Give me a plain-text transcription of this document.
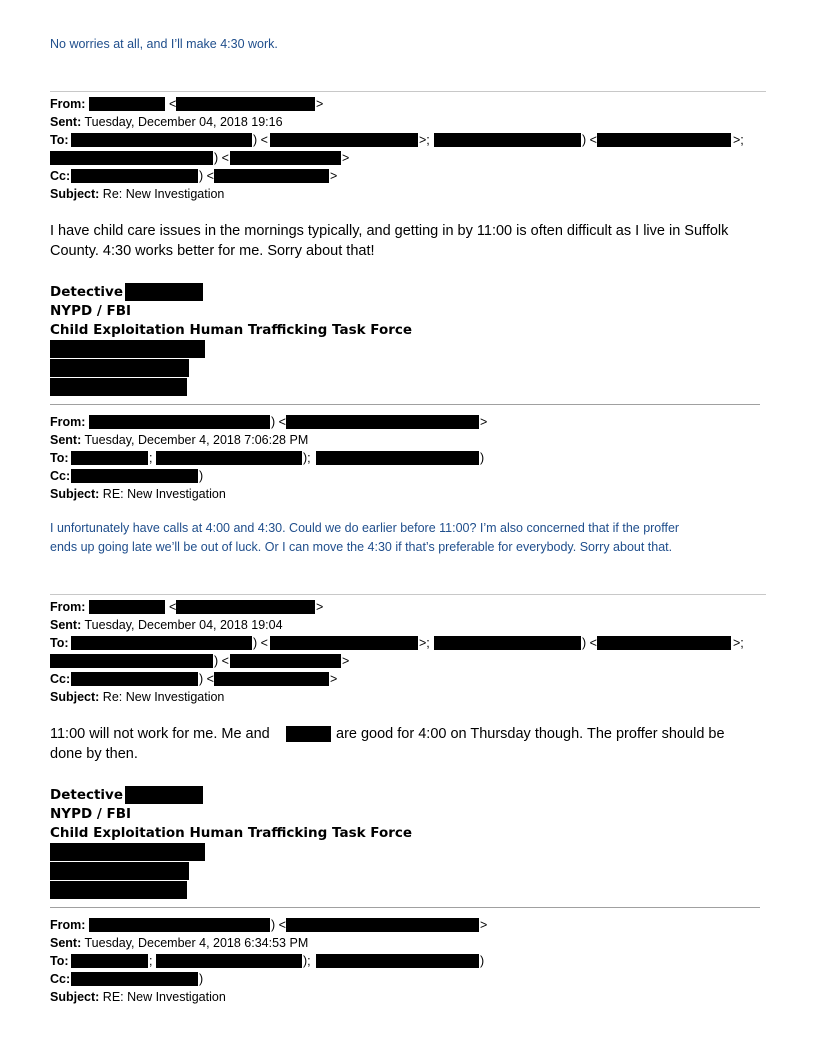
No worries at all, and I’ll make 4:30 work.
From:	<	>
Sent: Tuesday, December 04, 2018 19:16
To:	) <	>;	) <	>;
) <	>
Cc:	) <	>
Subject: Re: New Investigation
I have child care issues in the mornings typically, and getting in by 11:00 is often difficult as I live in Suffolk
County. 4:30 works better for me. Sorry about that!
Detective
NYPD / FBI
Child Exploitation Human Trafficking Task Force
From:	) <	>
Sent: Tuesday, December 4, 2018 7:06:28 PM
To:	;	);	)
Cc:	)
Subject: RE: New Investigation
I unfortunately have calls at 4:00 and 4:30. Could we do earlier before 11:00? I’m also concerned that if the proffer
ends up going late we’ll be out of luck. Or I can move the 4:30 if that’s preferable for everybody. Sorry about that.
From:	<	>
Sent: Tuesday, December 04, 2018 19:04
To:	) <	>;	) <	>;
) <	>
Cc:	) <	>
Subject: Re: New Investigation
11:00 will not work for me. Me and	are good for 4:00 on Thursday though. The proffer should be
done by then.
Detective
NYPD / FBI
Child Exploitation Human Trafficking Task Force
From:	) <	>
Sent: Tuesday, December 4, 2018 6:34:53 PM
To:	;	);	)
Cc:	)
Subject: RE: New Investigation
